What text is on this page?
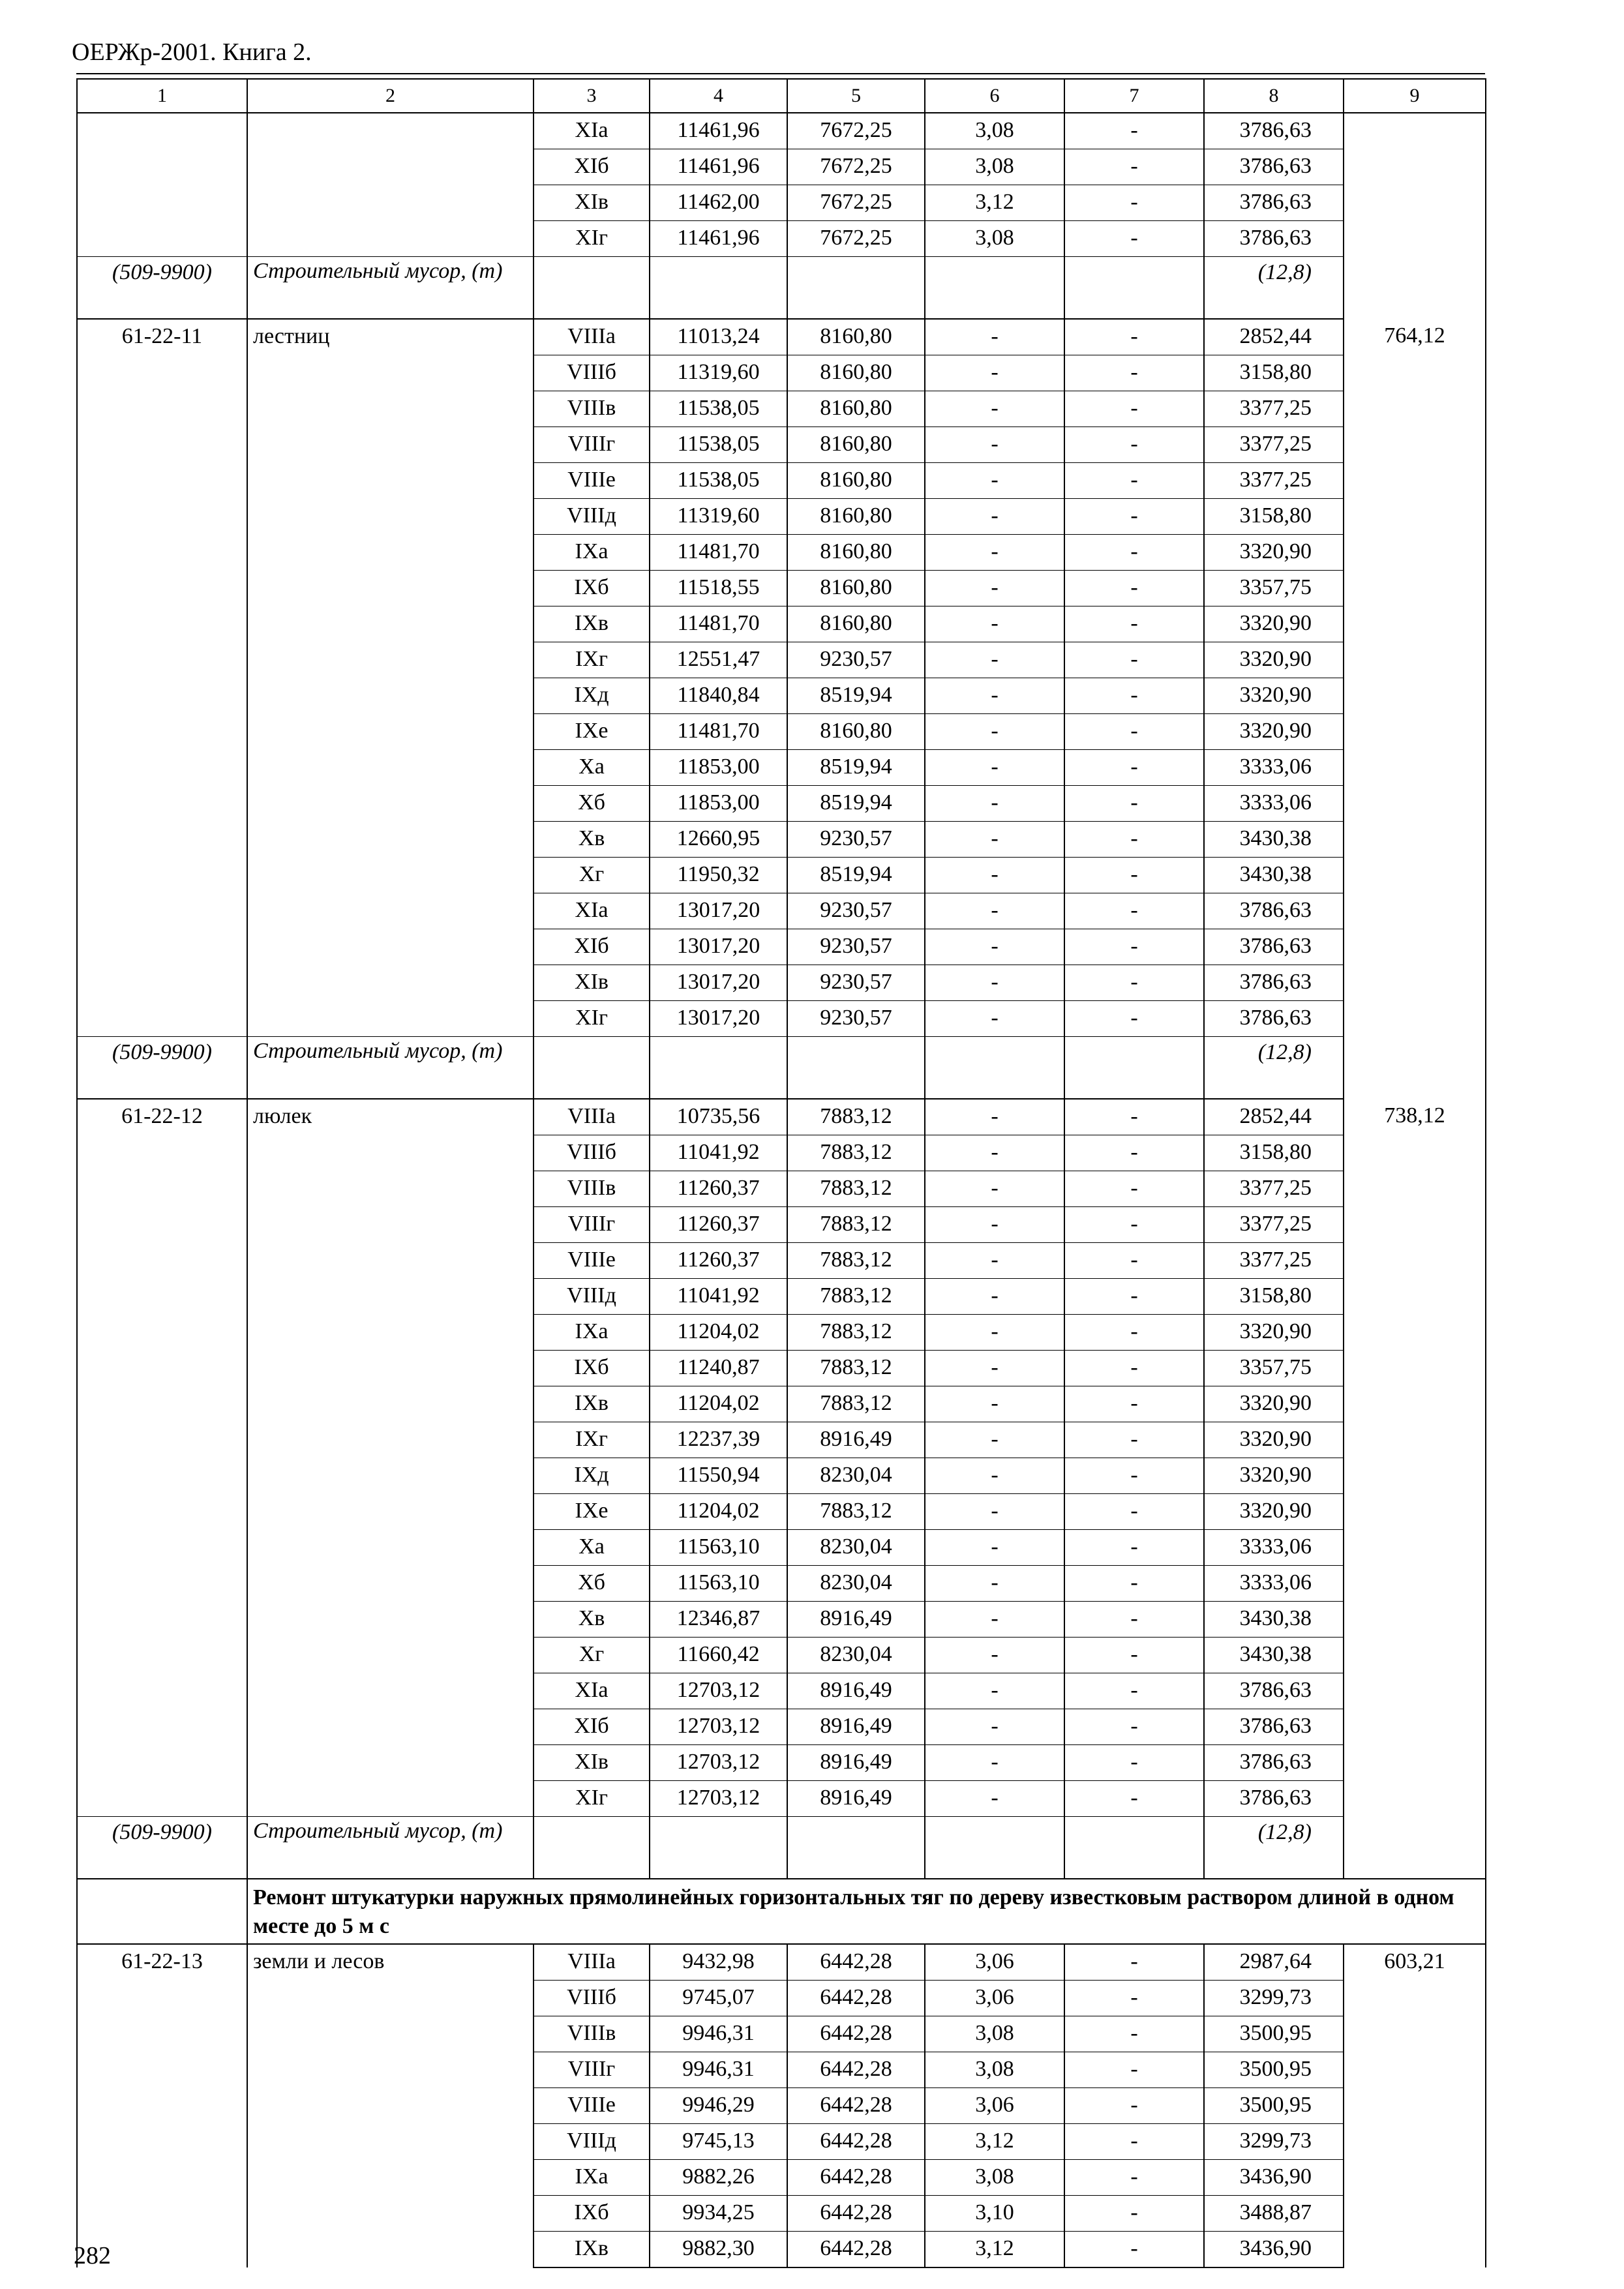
ОЕРЖр-2001. Книга 2.
1	2	3	4	5	6	7	8	9
		XIa	11461,96	7672,25	3,08	-	3786,63	
		XIб	11461,96	7672,25	3,08	-	3786,63	
		XIв	11462,00	7672,25	3,12	-	3786,63	
		XIг	11461,96	7672,25	3,08	-	3786,63	
(509-9900)	Строительный мусор, (т)						(12,8)	
61-22-11	лестниц	VIIIa	11013,24	8160,80	-	-	2852,44	764,12
		VIIIб	11319,60	8160,80	-	-	3158,80	
		VIIIв	11538,05	8160,80	-	-	3377,25	
		VIIIг	11538,05	8160,80	-	-	3377,25	
		VIIIе	11538,05	8160,80	-	-	3377,25	
		VIIIд	11319,60	8160,80	-	-	3158,80	
		IXa	11481,70	8160,80	-	-	3320,90	
		IXб	11518,55	8160,80	-	-	3357,75	
		IXв	11481,70	8160,80	-	-	3320,90	
		IXг	12551,47	9230,57	-	-	3320,90	
		IXд	11840,84	8519,94	-	-	3320,90	
		IXе	11481,70	8160,80	-	-	3320,90	
		Xa	11853,00	8519,94	-	-	3333,06	
		Xб	11853,00	8519,94	-	-	3333,06	
		Xв	12660,95	9230,57	-	-	3430,38	
		Xг	11950,32	8519,94	-	-	3430,38	
		XIa	13017,20	9230,57	-	-	3786,63	
		XIб	13017,20	9230,57	-	-	3786,63	
		XIв	13017,20	9230,57	-	-	3786,63	
		XIг	13017,20	9230,57	-	-	3786,63	
(509-9900)	Строительный мусор, (т)						(12,8)	
61-22-12	люлек	VIIIa	10735,56	7883,12	-	-	2852,44	738,12
		VIIIб	11041,92	7883,12	-	-	3158,80	
		VIIIв	11260,37	7883,12	-	-	3377,25	
		VIIIг	11260,37	7883,12	-	-	3377,25	
		VIIIе	11260,37	7883,12	-	-	3377,25	
		VIIIд	11041,92	7883,12	-	-	3158,80	
		IXa	11204,02	7883,12	-	-	3320,90	
		IXб	11240,87	7883,12	-	-	3357,75	
		IXв	11204,02	7883,12	-	-	3320,90	
		IXг	12237,39	8916,49	-	-	3320,90	
		IXд	11550,94	8230,04	-	-	3320,90	
		IXе	11204,02	7883,12	-	-	3320,90	
		Xa	11563,10	8230,04	-	-	3333,06	
		Xб	11563,10	8230,04	-	-	3333,06	
		Xв	12346,87	8916,49	-	-	3430,38	
		Xг	11660,42	8230,04	-	-	3430,38	
		XIa	12703,12	8916,49	-	-	3786,63	
		XIб	12703,12	8916,49	-	-	3786,63	
		XIв	12703,12	8916,49	-	-	3786,63	
		XIг	12703,12	8916,49	-	-	3786,63	
(509-9900)	Строительный мусор, (т)						(12,8)	
	Ремонт штукатурки наружных прямолинейных горизонтальных тяг по дереву известковым раствором длиной в одном месте до 5 м с							
61-22-13	земли и лесов	VIIIa	9432,98	6442,28	3,06	-	2987,64	603,21
		VIIIб	9745,07	6442,28	3,06	-	3299,73	
		VIIIв	9946,31	6442,28	3,08	-	3500,95	
		VIIIг	9946,31	6442,28	3,08	-	3500,95	
		VIIIе	9946,29	6442,28	3,06	-	3500,95	
		VIIIд	9745,13	6442,28	3,12	-	3299,73	
		IXa	9882,26	6442,28	3,08	-	3436,90	
		IXб	9934,25	6442,28	3,10	-	3488,87	
		IXв	9882,30	6442,28	3,12	-	3436,90	
282
